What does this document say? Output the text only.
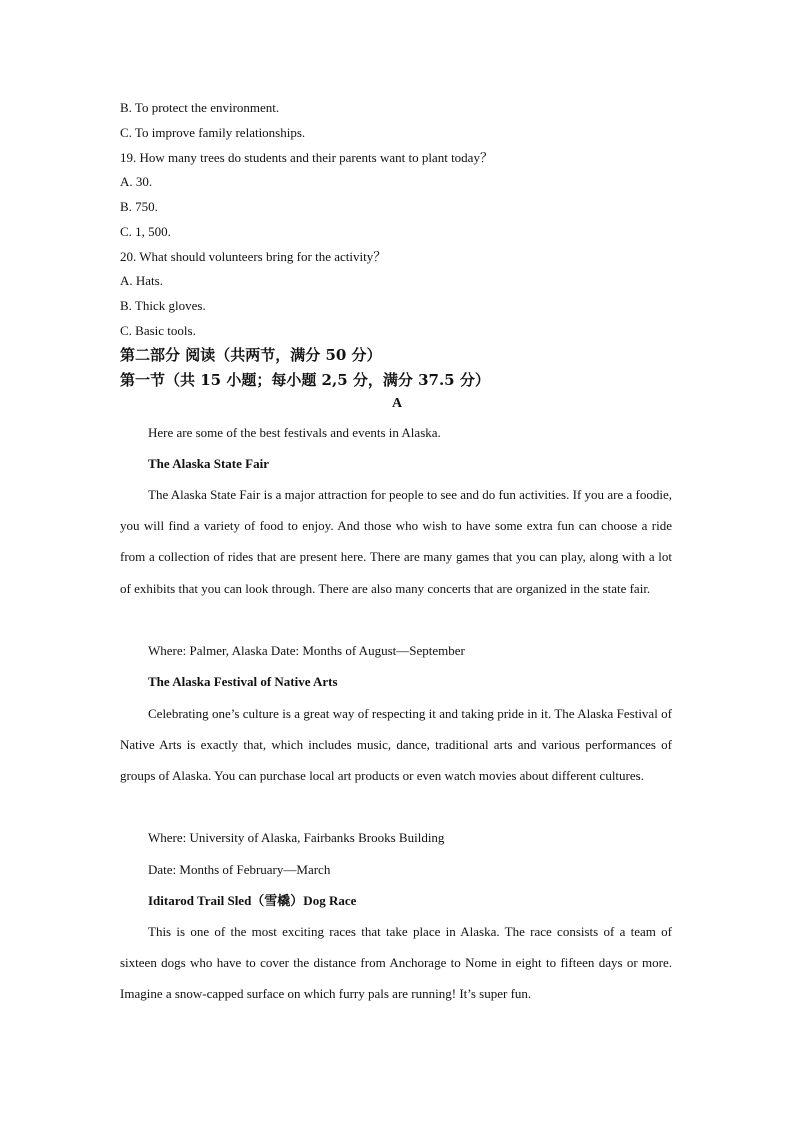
B. To protect the environment.
C. To improve family relationships.
19. How many trees do students and their parents want to plant today？
A. 30.
B. 750.
C. 1, 500.
20. What should volunteers bring for the activity？
A. Hats.
B. Thick gloves.
C. Basic tools.
第二部分 阅读（共两节，满分 50 分）
第一节（共 15 小题；每小题 2,5 分，满分 37.5 分）
A
Here are some of the best festivals and events in Alaska.
The Alaska State Fair

The Alaska State Fair is a major attraction for people to see and do fun activities. If you are a foodie, you will find a variety of food to enjoy. And those who wish to have some extra fun can choose a ride from a collection of rides that are present here. There are many games that you can play, along with a lot of exhibits that you can look through. There are also many concerts that are organized in the state fair.

Where: Palmer, Alaska Date: Months of August—September
The Alaska Festival of Native Arts

Celebrating one’s culture is a great way of respecting it and taking pride in it. The Alaska Festival of Native Arts is exactly that, which includes music, dance, traditional arts and various performances of groups of Alaska. You can purchase local art products or even watch movies about different cultures.

Where: University of Alaska, Fairbanks Brooks Building
Date: Months of February—March
Iditarod Trail Sled（雪橇）Dog Race

This is one of the most exciting races that take place in Alaska. The race consists of a team of sixteen dogs who have to cover the distance from Anchorage to Nome in eight to fifteen days or more. Imagine a snow-capped surface on which furry pals are running! It’s super fun.
